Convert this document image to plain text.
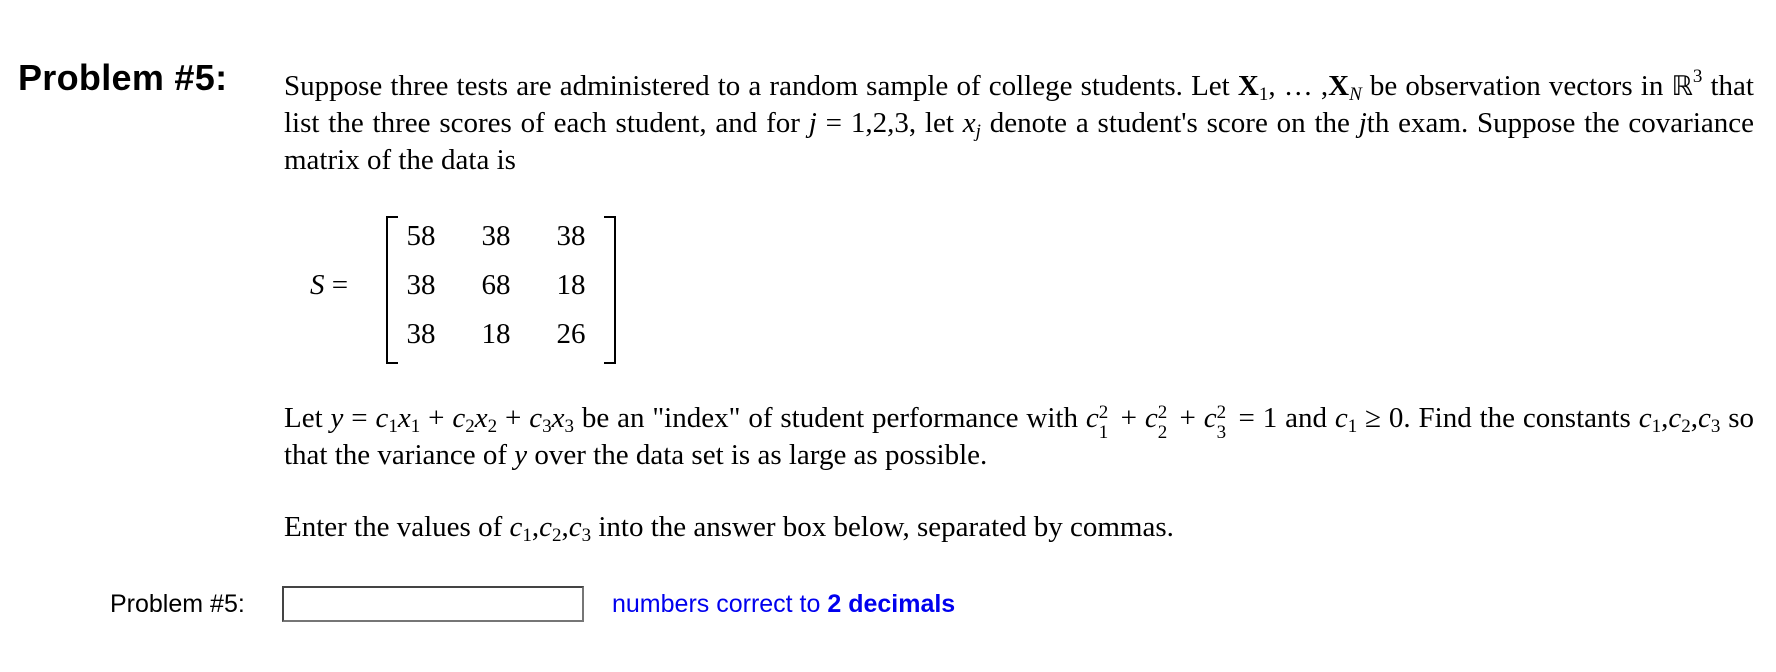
Problem #5: Suppose three tests are administered to a random sample of college students. Let $X_1$, … $,X_N$ be observation vectors in ℝ$^3$ that list the three scores of each student, and for j = 1,2,3, let $x_j$ denote a student's score on the jth exam. Suppose the covariance matrix of the data is
S =
58	38	38
38	68	18
38	18	26
Let $y = c_1x_1 + c_2x_2 + c_3x_3$ be an "index" of student performance with c 2
1 + c 2
2 + c 2
3 = 1 and $c_1 \ge 0$. Find the constants $c_1,c_2,c_3$ so that the variance of y over the data set is as large as possible.
Enter the values of $c_1,c_2,c_3$ into the answer box below, separated by commas.
Problem #5:	numbers correct to 2 decimals
